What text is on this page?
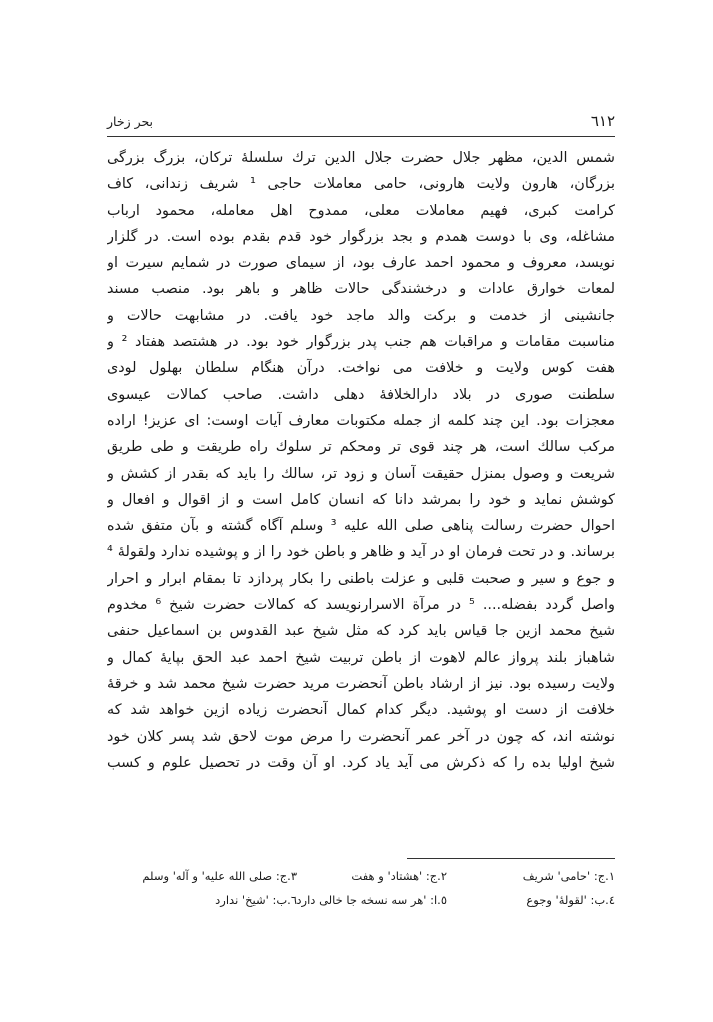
٦١٢
بحر زخار
شمس الدین، مظهر جلال حضرت جلال الدین ترك سلسلهٔ ترکان، بزرگ بزرگی
بزرگان، هارون ولایت هارونی، حامی معاملات حاجی ¹ شریف زندانی، کاف
کرامت کبری، فهیم معاملات معلی، ممدوح اهل معامله، محمود ارباب
مشاغله، وی با دوست همدم و بجد بزرگوار خود قدم بقدم بوده است. در گلزار
نویسد، معروف و محمود احمد عارف بود، از سیمای صورت در شمایم سیرت او
لمعات خوارق عادات و درخشندگی حالات ظاهر و باهر بود. منصب مسند
جانشینی از خدمت و برکت والد ماجد خود یافت. در مشابهت حالات و
مناسبت مقامات و مراقبات هم جنب پدر بزرگوار خود بود. در هشتصد هفتاد ² و
هفت کوس ولایت و خلافت می نواخت. درآن هنگام سلطان بهلول لودی
سلطنت صوری در بلاد دارالخلافهٔ دهلی داشت. صاحب کمالات عیسوی
معجزات بود. این چند کلمه از جمله مکتوبات معارف آیات اوست: ای عزیز! اراده
مرکب سالك است، هر چند قوی تر ومحکم تر سلوك راه طریقت و طی طریق
شریعت و وصول بمنزل حقیقت آسان و زود تر، سالك را باید که بقدر از کشش و
کوشش نماید و خود را بمرشد دانا که انسان کامل است و از اقوال و افعال و
احوال حضرت رسالت پناهی صلی الله علیه ³ وسلم آگاه گشته و بآن متفق شده
برساند. و در تحت فرمان او در آید و ظاهر و باطن خود را از و پوشیده ندارد ولقولهٔ ⁴
و جوع و سیر و صحبت قلبی و عزلت باطنی را بکار پردازد تا بمقام ابرار و احرار
واصل گردد بفضله.... ⁵ در مرآة الاسرارنویسد که کمالات حضرت شیخ ⁶ مخدوم
شیخ محمد ازین جا قیاس باید کرد که مثل شیخ عبد القدوس بن اسماعیل حنفی
شاهباز بلند پرواز عالم لاهوت از باطن تربیت شیخ احمد عبد الحق بپایهٔ کمال و
ولایت رسیده بود. نیز از ارشاد باطن آنحضرت مرید حضرت شیخ محمد شد و خرقهٔ
خلافت از دست او پوشید. دیگر کدام کمال آنحضرت زیاده ازین خواهد شد که
نوشته اند، که چون در آخر عمر آنحضرت را مرض موت لاحق شد پسر کلان خود
شیخ اولیا بده را که ذکرش می آید یاد کرد. او آن وقت در تحصیل علوم و کسب
١.ج: 'حامی' شریف
٢.ج: 'هشتاد' و هفت
٣.ج: صلی الله علیه' و آله' وسلم
٤.ب: 'لقولهٔ' وجوع
٥.ا: 'هر سه نسخه جا خالی دارد
٦.ب: 'شیخ' ندارد
